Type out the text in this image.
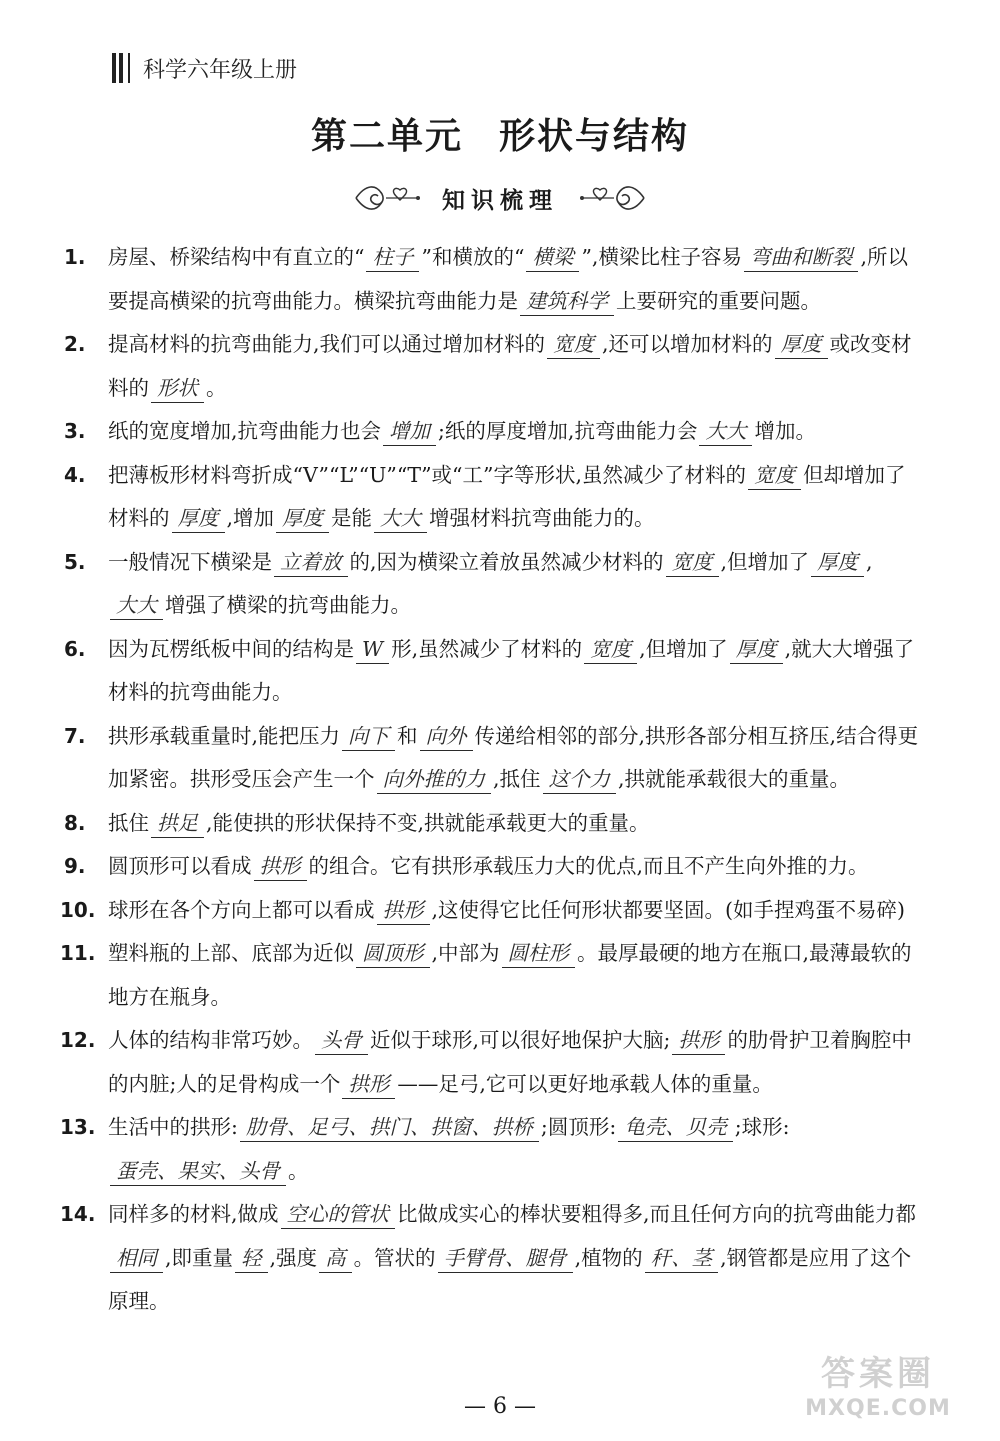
科学六年级上册
第二单元 形状与结构
知识梳理
1. 房屋、桥梁结构中有直立的“ 柱子 ”和横放的“ 横梁 ”,横梁比柱子容易 弯曲和断裂 ,所以要提高横梁的抗弯曲能力。横梁抗弯曲能力是 建筑科学 上要研究的重要问题。
2. 提高材料的抗弯曲能力,我们可以通过增加材料的 宽度 ,还可以增加材料的 厚度 或改变材料的 形状 。
3. 纸的宽度增加,抗弯曲能力也会 增加 ;纸的厚度增加,抗弯曲能力会 大大 增加。
4. 把薄板形材料弯折成“V”“L”“U”“T”或“工”字等形状,虽然减少了材料的 宽度 但却增加了材料的 厚度 ,增加 厚度 是能 大大 增强材料抗弯曲能力的。
5. 一般情况下横梁是 立着放 的,因为横梁立着放虽然减少材料的 宽度 ,但增加了 厚度 ,大大 增强了横梁的抗弯曲能力。
6. 因为瓦楞纸板中间的结构是 W 形,虽然减少了材料的 宽度 ,但增加了 厚度 ,就大大增强了材料的抗弯曲能力。
7. 拱形承载重量时,能把压力 向下 和 向外 传递给相邻的部分,拱形各部分相互挤压,结合得更加紧密。拱形受压会产生一个 向外推的力 ,抵住 这个力 ,拱就能承载很大的重量。
8. 抵住 拱足 ,能使拱的形状保持不变,拱就能承载更大的重量。
9. 圆顶形可以看成 拱形 的组合。它有拱形承载压力大的优点,而且不产生向外推的力。
10. 球形在各个方向上都可以看成 拱形 ,这使得它比任何形状都要坚固。(如手捏鸡蛋不易碎)
11. 塑料瓶的上部、底部为近似 圆顶形 ,中部为 圆柱形 。最厚最硬的地方在瓶口,最薄最软的地方在瓶身。
12. 人体的结构非常巧妙。 头骨 近似于球形,可以很好地保护大脑; 拱形 的肋骨护卫着胸腔中的内脏;人的足骨构成一个 拱形 ——足弓,它可以更好地承载人体的重量。
13. 生活中的拱形: 肋骨、足弓、拱门、拱窗、拱桥 ;圆顶形: 龟壳、贝壳 ;球形:蛋壳、果实、头骨 。
14. 同样多的材料,做成 空心的管状 比做成实心的棒状要粗得多,而且任何方向的抗弯曲能力都相同 ,即重量 轻 ,强度 高 。管状的 手臂骨、腿骨 ,植物的 秆、茎 ,钢管都是应用了这个原理。
— 6 —
答案圈
MXQE.COM
